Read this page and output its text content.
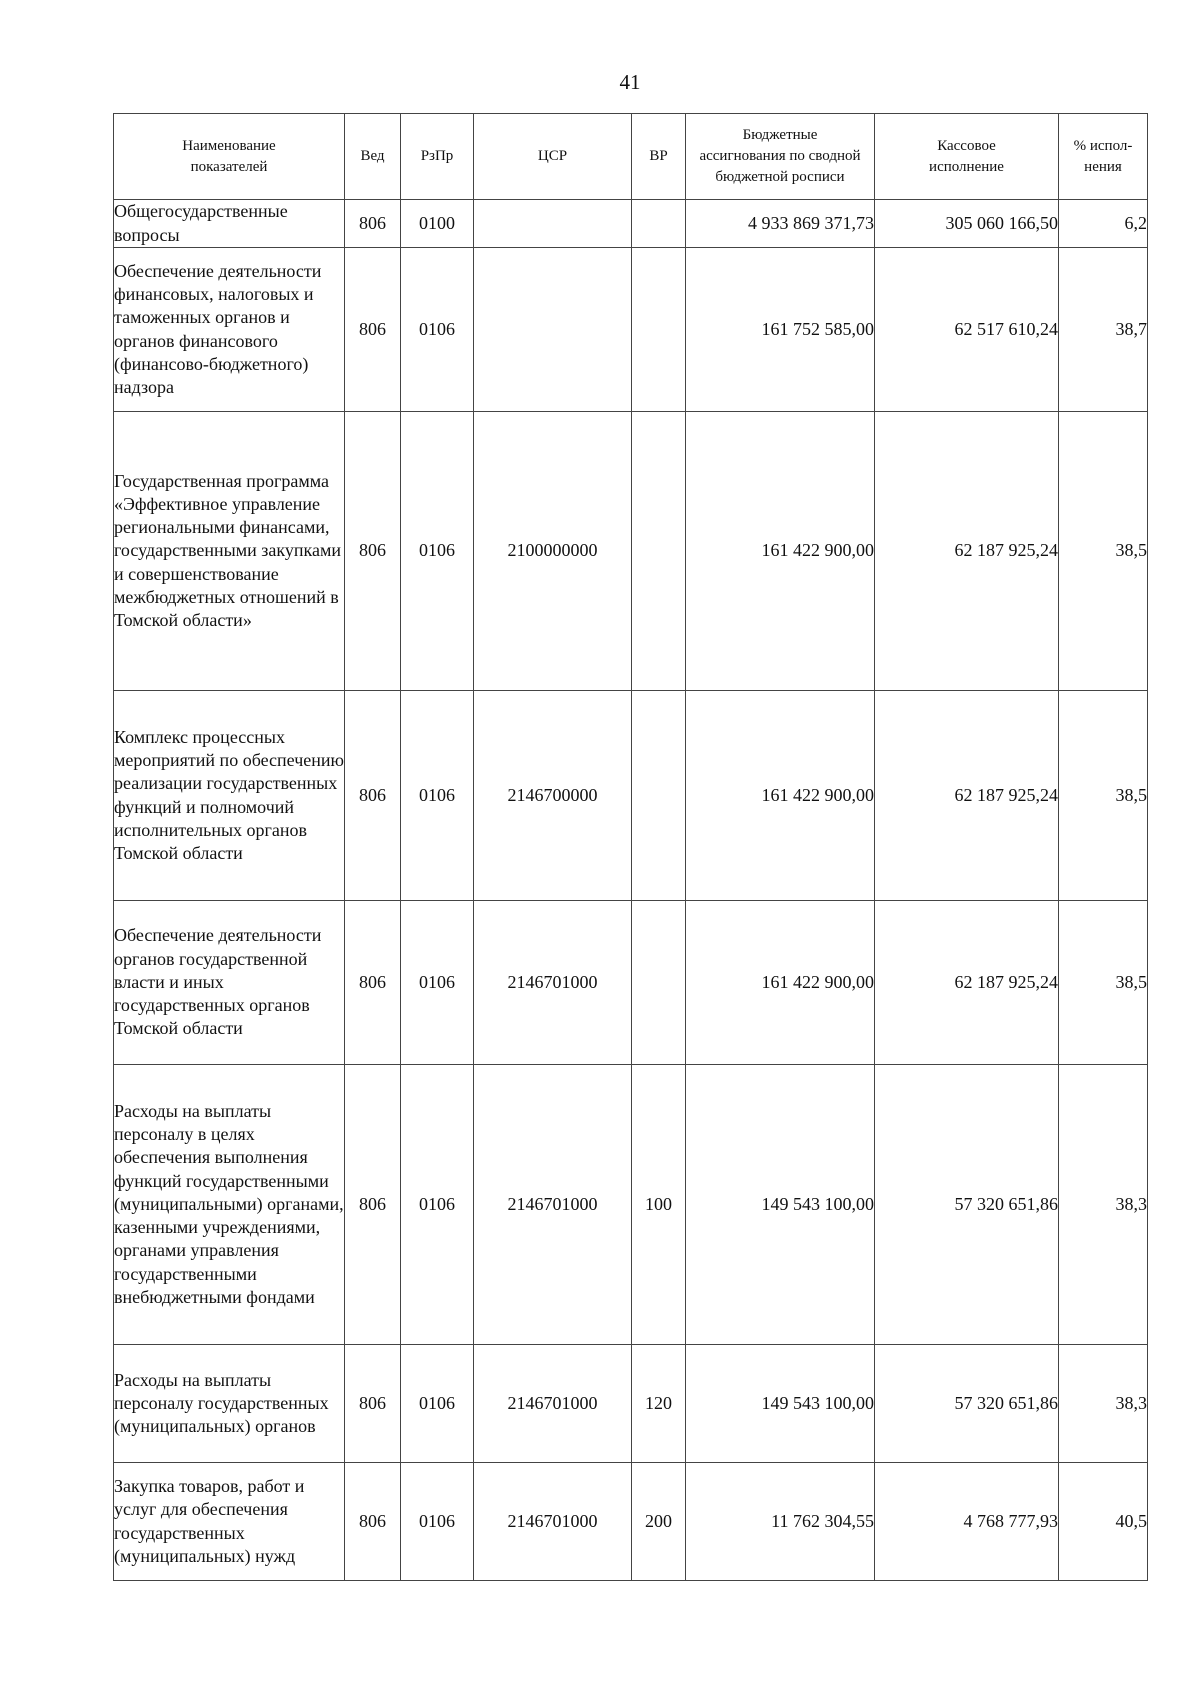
41
Наименование показателей	Вед	РзПр	ЦСР	ВР	Бюджетные ассигнования по сводной бюджетной росписи	Кассовое исполнение	% испол-нения
Общегосударственные вопросы	806	0100			4 933 869 371,73	305 060 166,50	6,2
Обеспечение деятельности финансовых, налоговых и таможенных органов и органов финансового (финансово-бюджетного) надзора	806	0106			161 752 585,00	62 517 610,24	38,7
Государственная программа «Эффективное управление региональными финансами, государственными закупками и совершенствование межбюджетных отношений в Томской области»	806	0106	2100000000		161 422 900,00	62 187 925,24	38,5
Комплекс процессных мероприятий по обеспечению реализации государственных функций и полномочий исполнительных органов Томской области	806	0106	2146700000		161 422 900,00	62 187 925,24	38,5
Обеспечение деятельности органов государственной власти и иных государственных органов Томской области	806	0106	2146701000		161 422 900,00	62 187 925,24	38,5
Расходы на выплаты персоналу в целях обеспечения выполнения функций государственными (муниципальными) органами, казенными учреждениями, органами управления государственными внебюджетными фондами	806	0106	2146701000	100	149 543 100,00	57 320 651,86	38,3
Расходы на выплаты персоналу государственных (муниципальных) органов	806	0106	2146701000	120	149 543 100,00	57 320 651,86	38,3
Закупка товаров, работ и услуг для обеспечения государственных (муниципальных) нужд	806	0106	2146701000	200	11 762 304,55	4 768 777,93	40,5
